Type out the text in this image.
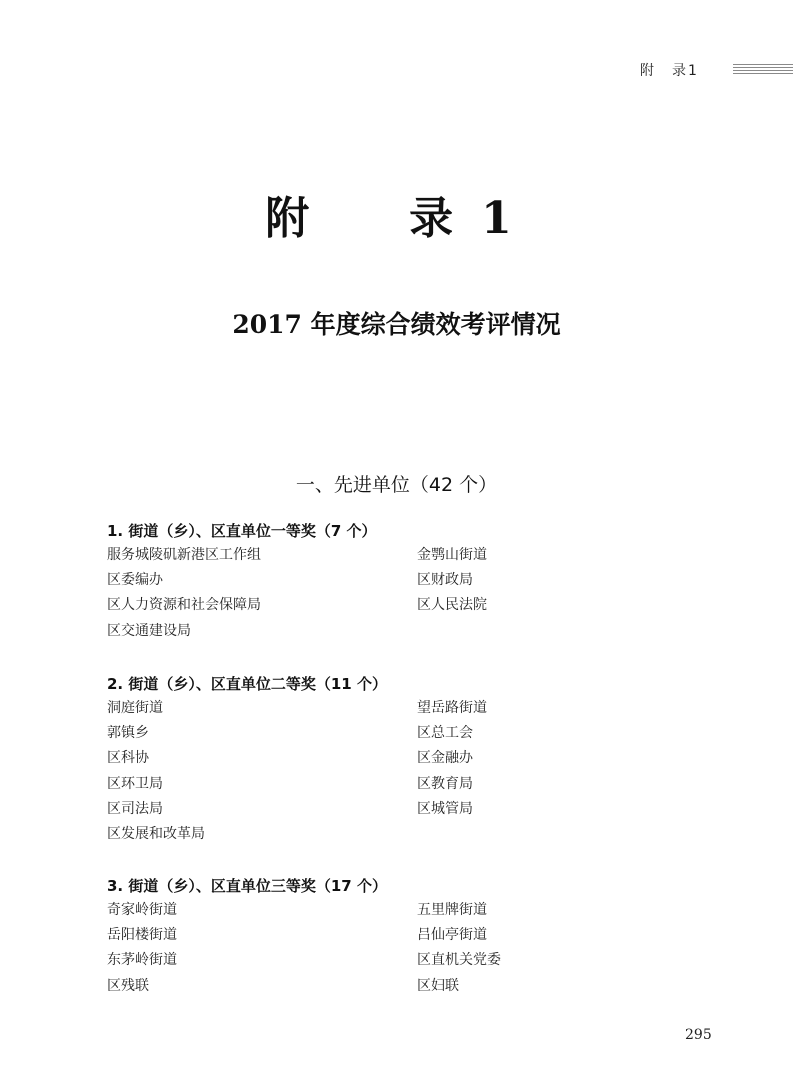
附　录1
附　录1
2017 年度综合绩效考评情况
一、先进单位（42 个）
1. 街道（乡）、区直单位一等奖（7 个）
服务城陵矶新港区工作组	金鹗山街道
区委编办	区财政局
区人力资源和社会保障局	区人民法院
区交通建设局
2. 街道（乡）、区直单位二等奖（11 个）
洞庭街道	望岳路街道
郭镇乡	区总工会
区科协	区金融办
区环卫局	区教育局
区司法局	区城管局
区发展和改革局
3. 街道（乡）、区直单位三等奖（17 个）
奇家岭街道	五里牌街道
岳阳楼街道	吕仙亭街道
东茅岭街道	区直机关党委
区残联	区妇联
295
